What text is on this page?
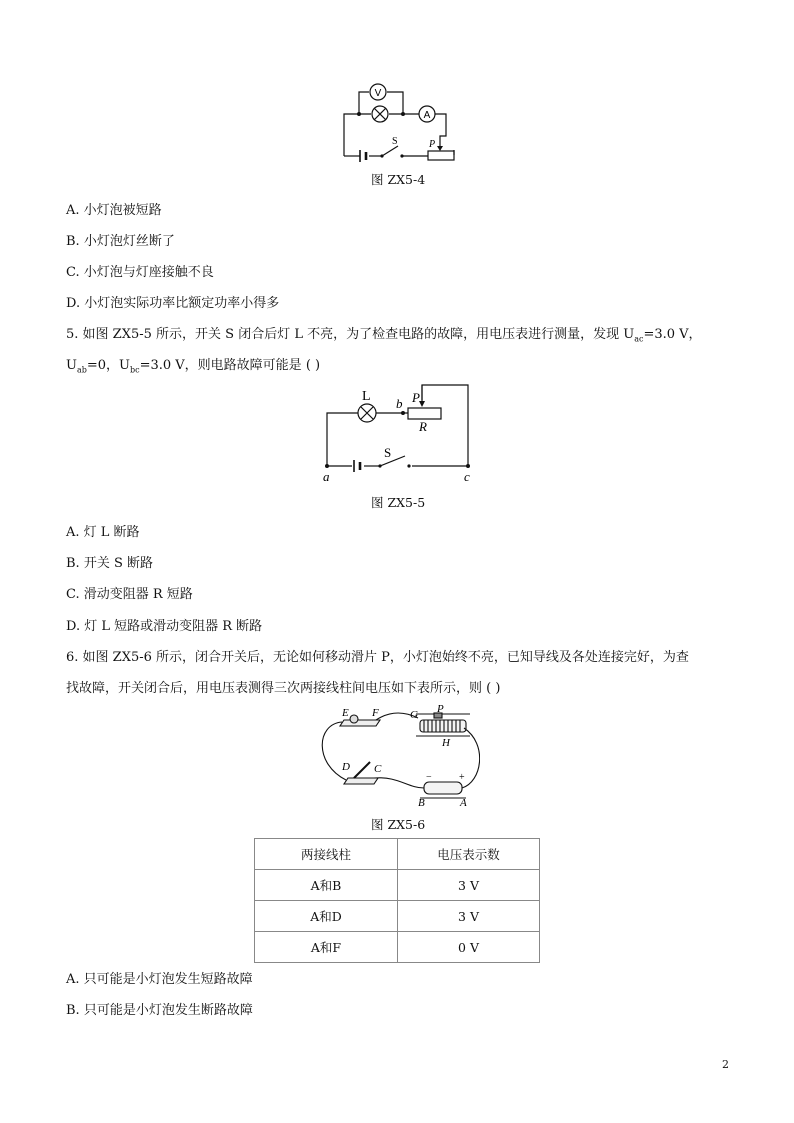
V
A
S	P
图 ZX5-4
A. 小灯泡被短路
B. 小灯泡灯丝断了
C. 小灯泡与灯座接触不良
D. 小灯泡实际功率比额定功率小得多
5. 如图 ZX5-5 所示，开关 S 闭合后灯 L 不亮，为了检查电路的故障，用电压表进行测量，发现 $U_{ac}=3.0$ V，
$U_{ab}=0$，$U_{bc}=3.0$ V，则电路故障可能是 ( )
L b P
R
S
a	c
图 ZX5-5
A. 灯 L 断路
B. 开关 S 断路
C. 滑动变阻器 R 短路
D. 灯 L 短路或滑动变阻器 R 断路
6. 如图 ZX5-6 所示，闭合开关后，无论如何移动滑片 P，小灯泡始终不亮，已知导线及各处连接完好，为查
找故障，开关闭合后，用电压表测得三次两接线柱间电压如下表所示，则 ( )
E F	G P
H
D C
−	+
B	A
图 ZX5-6
两接线柱	电压表示数
A和B	3 V
A和D	3 V
A和F	0 V
A. 只可能是小灯泡发生短路故障
B. 只可能是小灯泡发生断路故障
2
